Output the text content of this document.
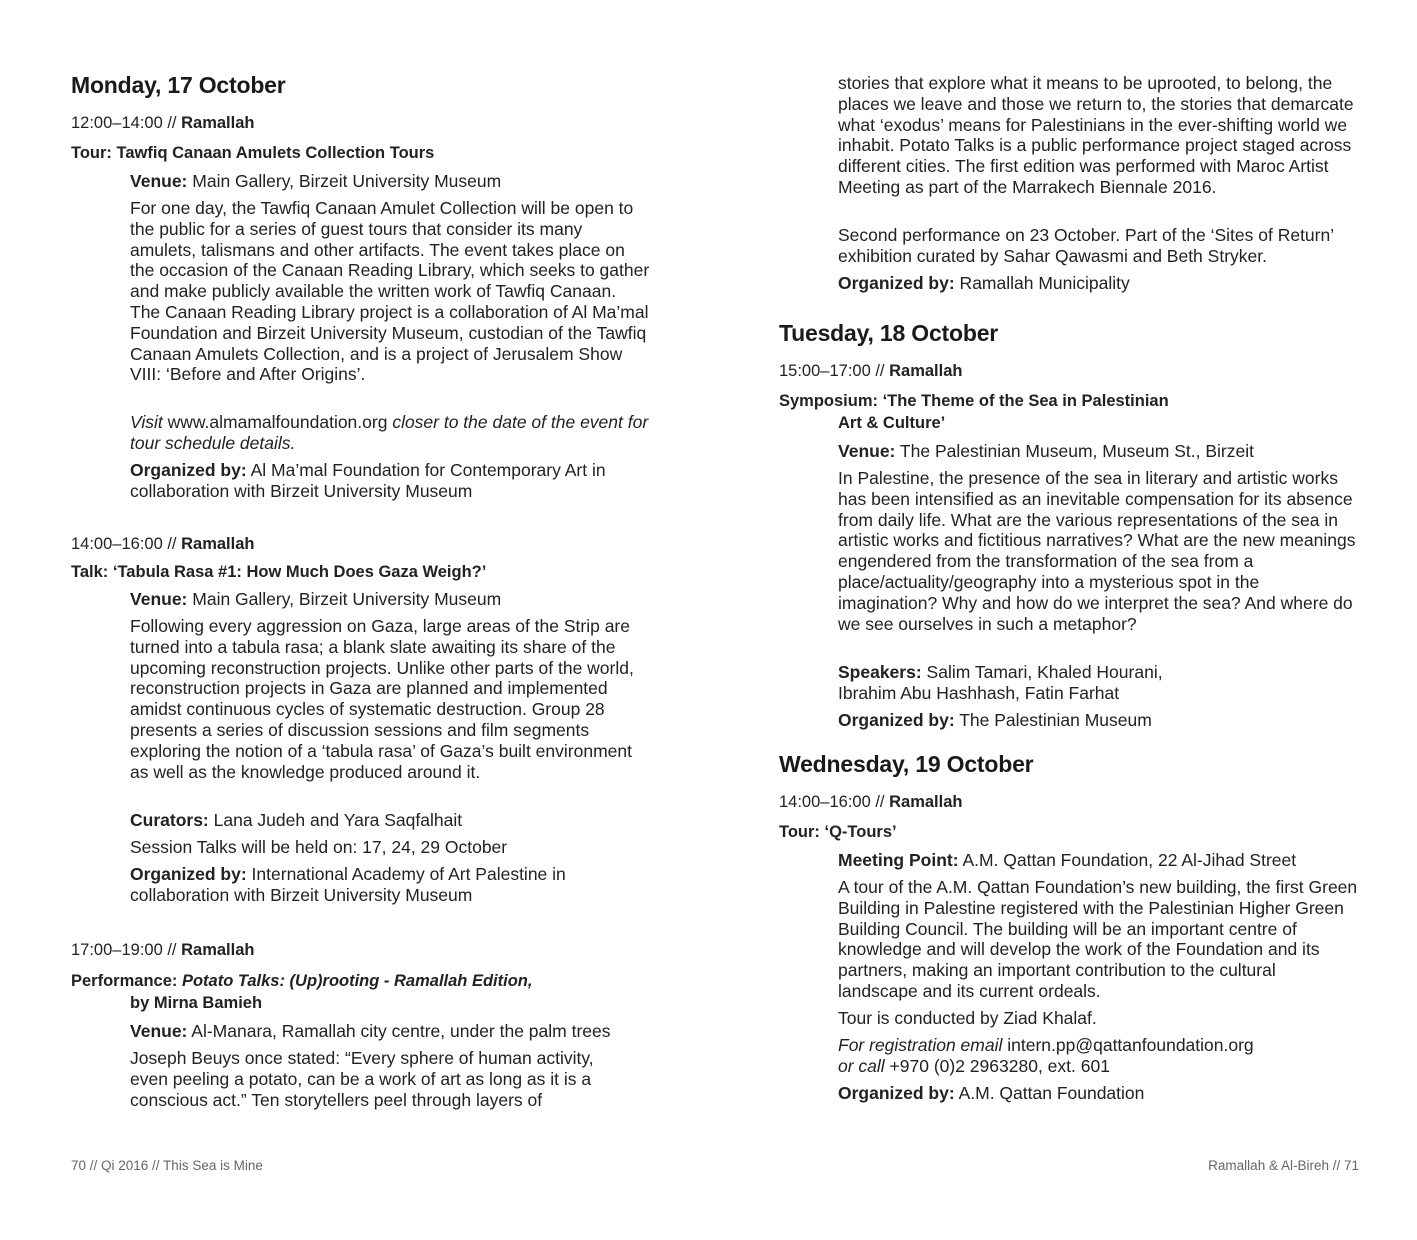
Monday, 17 October
12:00–14:00 // Ramallah
Tour: Tawfiq Canaan Amulets Collection Tours
Venue: Main Gallery, Birzeit University Museum
For one day, the Tawfiq Canaan Amulet Collection will be open to the public for a series of guest tours that consider its many amulets, talismans and other artifacts. The event takes place on the occasion of the Canaan Reading Library, which seeks to gather and make publicly available the written work of Tawfiq Canaan. The Canaan Reading Library project is a collaboration of Al Ma’mal Foundation and Birzeit University Museum, custodian of the Tawfiq Canaan Amulets Collection, and is a project of Jerusalem Show VIII: ‘Before and After Origins’.
Visit www.almamalfoundation.org closer to the date of the event for tour schedule details.
Organized by: Al Ma’mal Foundation for Contemporary Art in collaboration with Birzeit University Museum
14:00–16:00 // Ramallah
Talk: ‘Tabula Rasa #1: How Much Does Gaza Weigh?’
Venue: Main Gallery, Birzeit University Museum
Following every aggression on Gaza, large areas of the Strip are turned into a tabula rasa; a blank slate awaiting its share of the upcoming reconstruction projects. Unlike other parts of the world, reconstruction projects in Gaza are planned and implemented amidst continuous cycles of systematic destruction. Group 28 presents a series of discussion sessions and film segments exploring the notion of a ‘tabula rasa’ of Gaza’s built environment as well as the knowledge produced around it.
Curators: Lana Judeh and Yara Saqfalhait
Session Talks will be held on: 17, 24, 29 October
Organized by: International Academy of Art Palestine in collaboration with Birzeit University Museum
17:00–19:00 // Ramallah
Performance: Potato Talks: (Up)rooting - Ramallah Edition,
by Mirna Bamieh
Venue: Al-Manara, Ramallah city centre, under the palm trees
Joseph Beuys once stated: “Every sphere of human activity, even peeling a potato, can be a work of art as long as it is a conscious act.” Ten storytellers peel through layers of
stories that explore what it means to be uprooted, to belong, the places we leave and those we return to, the stories that demarcate what ‘exodus’ means for Palestinians in the ever-shifting world we inhabit. Potato Talks is a public performance project staged across different cities. The first edition was performed with Maroc Artist Meeting as part of the Marrakech Biennale 2016.
Second performance on 23 October. Part of the ‘Sites of Return’ exhibition curated by Sahar Qawasmi and Beth Stryker.
Organized by: Ramallah Municipality
Tuesday, 18 October
15:00–17:00 // Ramallah
Symposium: ‘The Theme of the Sea in Palestinian
Art & Culture’
Venue: The Palestinian Museum, Museum St., Birzeit
In Palestine, the presence of the sea in literary and artistic works has been intensified as an inevitable compensation for its absence from daily life. What are the various representations of the sea in artistic works and fictitious narratives? What are the new meanings engendered from the transformation of the sea from a place/actuality/geography into a mysterious spot in the imagination? Why and how do we interpret the sea? And where do we see ourselves in such a metaphor?
Speakers: Salim Tamari, Khaled Hourani,
Ibrahim Abu Hashhash, Fatin Farhat
Organized by: The Palestinian Museum
Wednesday, 19 October
14:00–16:00 // Ramallah
Tour: ‘Q-Tours’
Meeting Point: A.M. Qattan Foundation, 22 Al-Jihad Street
A tour of the A.M. Qattan Foundation’s new building, the first Green Building in Palestine registered with the Palestinian Higher Green Building Council. The building will be an important centre of knowledge and will develop the work of the Foundation and its partners, making an important contribution to the cultural landscape and its current ordeals.
Tour is conducted by Ziad Khalaf.
For registration email intern.pp@qattanfoundation.org
or call +970 (0)2 2963280, ext. 601
Organized by: A.M. Qattan Foundation
Ramallah & Al-Bireh // 71
70 // Qi 2016 // This Sea is Mine
